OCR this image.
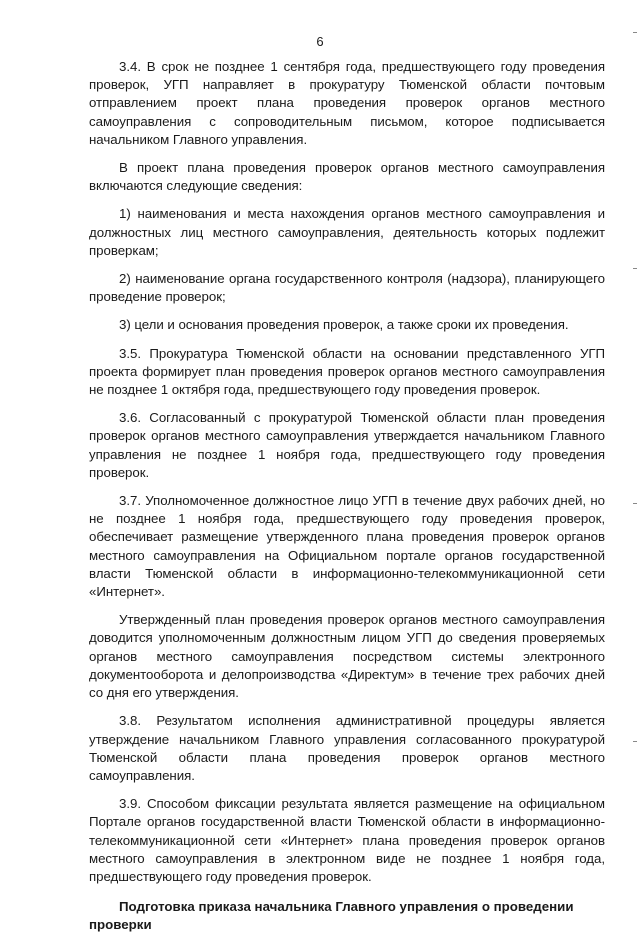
6

3.4. В срок не позднее 1 сентября года, предшествующего году проведения проверок, УГП направляет в прокуратуру Тюменской области почтовым отправлением проект плана проведения проверок органов местного самоуправления с сопроводительным письмом, которое подписывается начальником Главного управления.

В проект плана проведения проверок органов местного самоуправления включаются следующие сведения:

1) наименования и места нахождения органов местного самоуправления и должностных лиц местного самоуправления, деятельность которых подлежит проверкам;

2) наименование органа государственного контроля (надзора), планирующего проведение проверок;

3) цели и основания проведения проверок, а также сроки их проведения.

3.5. Прокуратура Тюменской области на основании представленного УГП проекта формирует план проведения проверок органов местного самоуправления не позднее 1 октября года, предшествующего году проведения проверок.

3.6. Согласованный с прокуратурой Тюменской области план проведения проверок органов местного самоуправления утверждается начальником Главного управления не позднее 1 ноября года, предшествующего году проведения проверок.

3.7. Уполномоченное должностное лицо УГП в течение двух рабочих дней, но не позднее 1 ноября года, предшествующего году проведения проверок, обеспечивает размещение утвержденного плана проведения проверок органов местного самоуправления на Официальном портале органов государственной власти Тюменской области в информационно-телекоммуникационной сети «Интернет».

Утвержденный план проведения проверок органов местного самоуправления доводится уполномоченным должностным лицом УГП до сведения проверяемых органов местного самоуправления посредством системы электронного документооборота и делопроизводства «Директум» в течение трех рабочих дней со дня его утверждения.

3.8. Результатом исполнения административной процедуры является утверждение начальником Главного управления согласованного прокуратурой Тюменской области плана проведения проверок органов местного самоуправления.

3.9. Способом фиксации результата является размещение на официальном Портале органов государственной власти Тюменской области в информационно-телекоммуникационной сети «Интернет» плана проведения проверок органов местного самоуправления в электронном виде не позднее 1 ноября года, предшествующего году проведения проверок.

Подготовка приказа начальника Главного управления о проведении проверки
